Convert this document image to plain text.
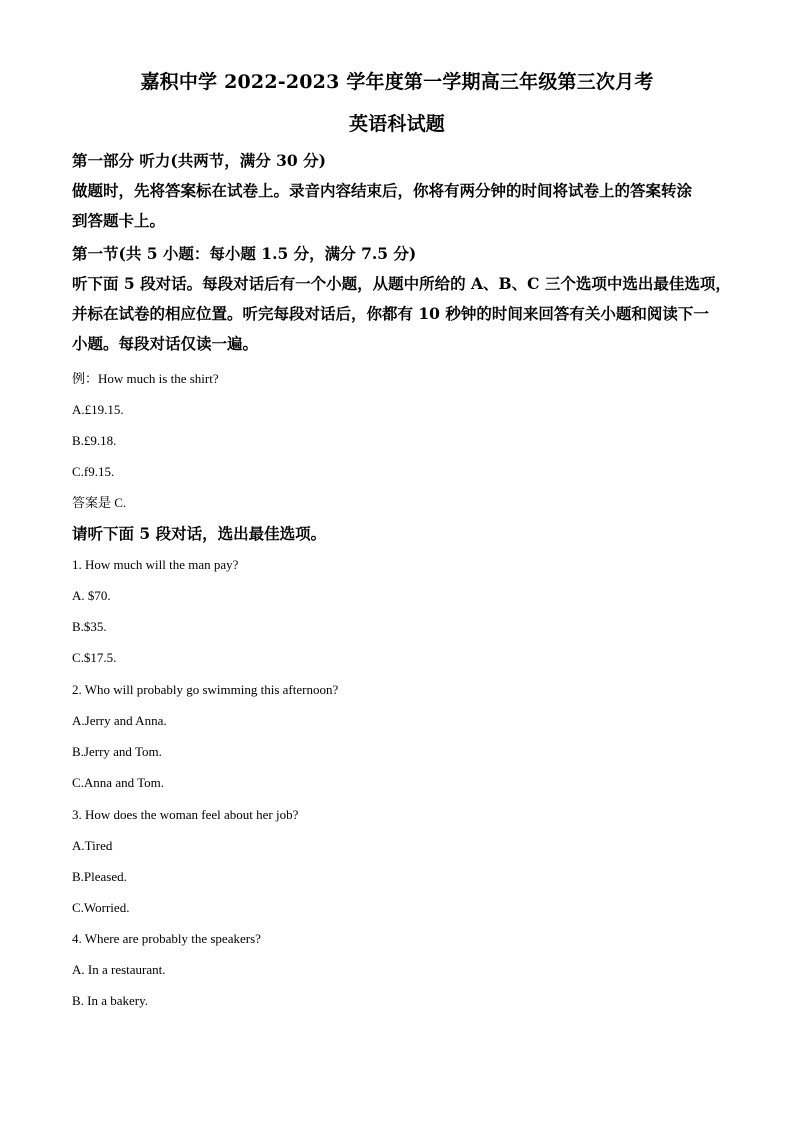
嘉积中学 2022-2023 学年度第一学期高三年级第三次月考
英语科试题
第一部分 听力(共两节，满分 30 分)
做题时，先将答案标在试卷上。录音内容结束后，你将有两分钟的时间将试卷上的答案转涂
到答题卡上。
第一节(共 5 小题：每小题 1.5 分，满分 7.5 分)
听下面 5 段对话。每段对话后有一个小题，从题中所给的 A、B、C 三个选项中选出最佳选项，
并标在试卷的相应位置。听完每段对话后，你都有 10 秒钟的时间来回答有关小题和阅读下一
小题。每段对话仅读一遍。
例：How much is the shirt?
A.£19.15.
B.£9.18.
C.f9.15.
答案是 C.
请听下面 5 段对话，选出最佳选项。
1. How much will the man pay?
A. $70.
B.$35.
C.$17.5.
2. Who will probably go swimming this afternoon?
A.Jerry and Anna.
B.Jerry and Tom.
C.Anna and Tom.
3. How does the woman feel about her job?
A.Tired
B.Pleased.
C.Worried.
4. Where are probably the speakers?
A. In a restaurant.
B. In a bakery.
